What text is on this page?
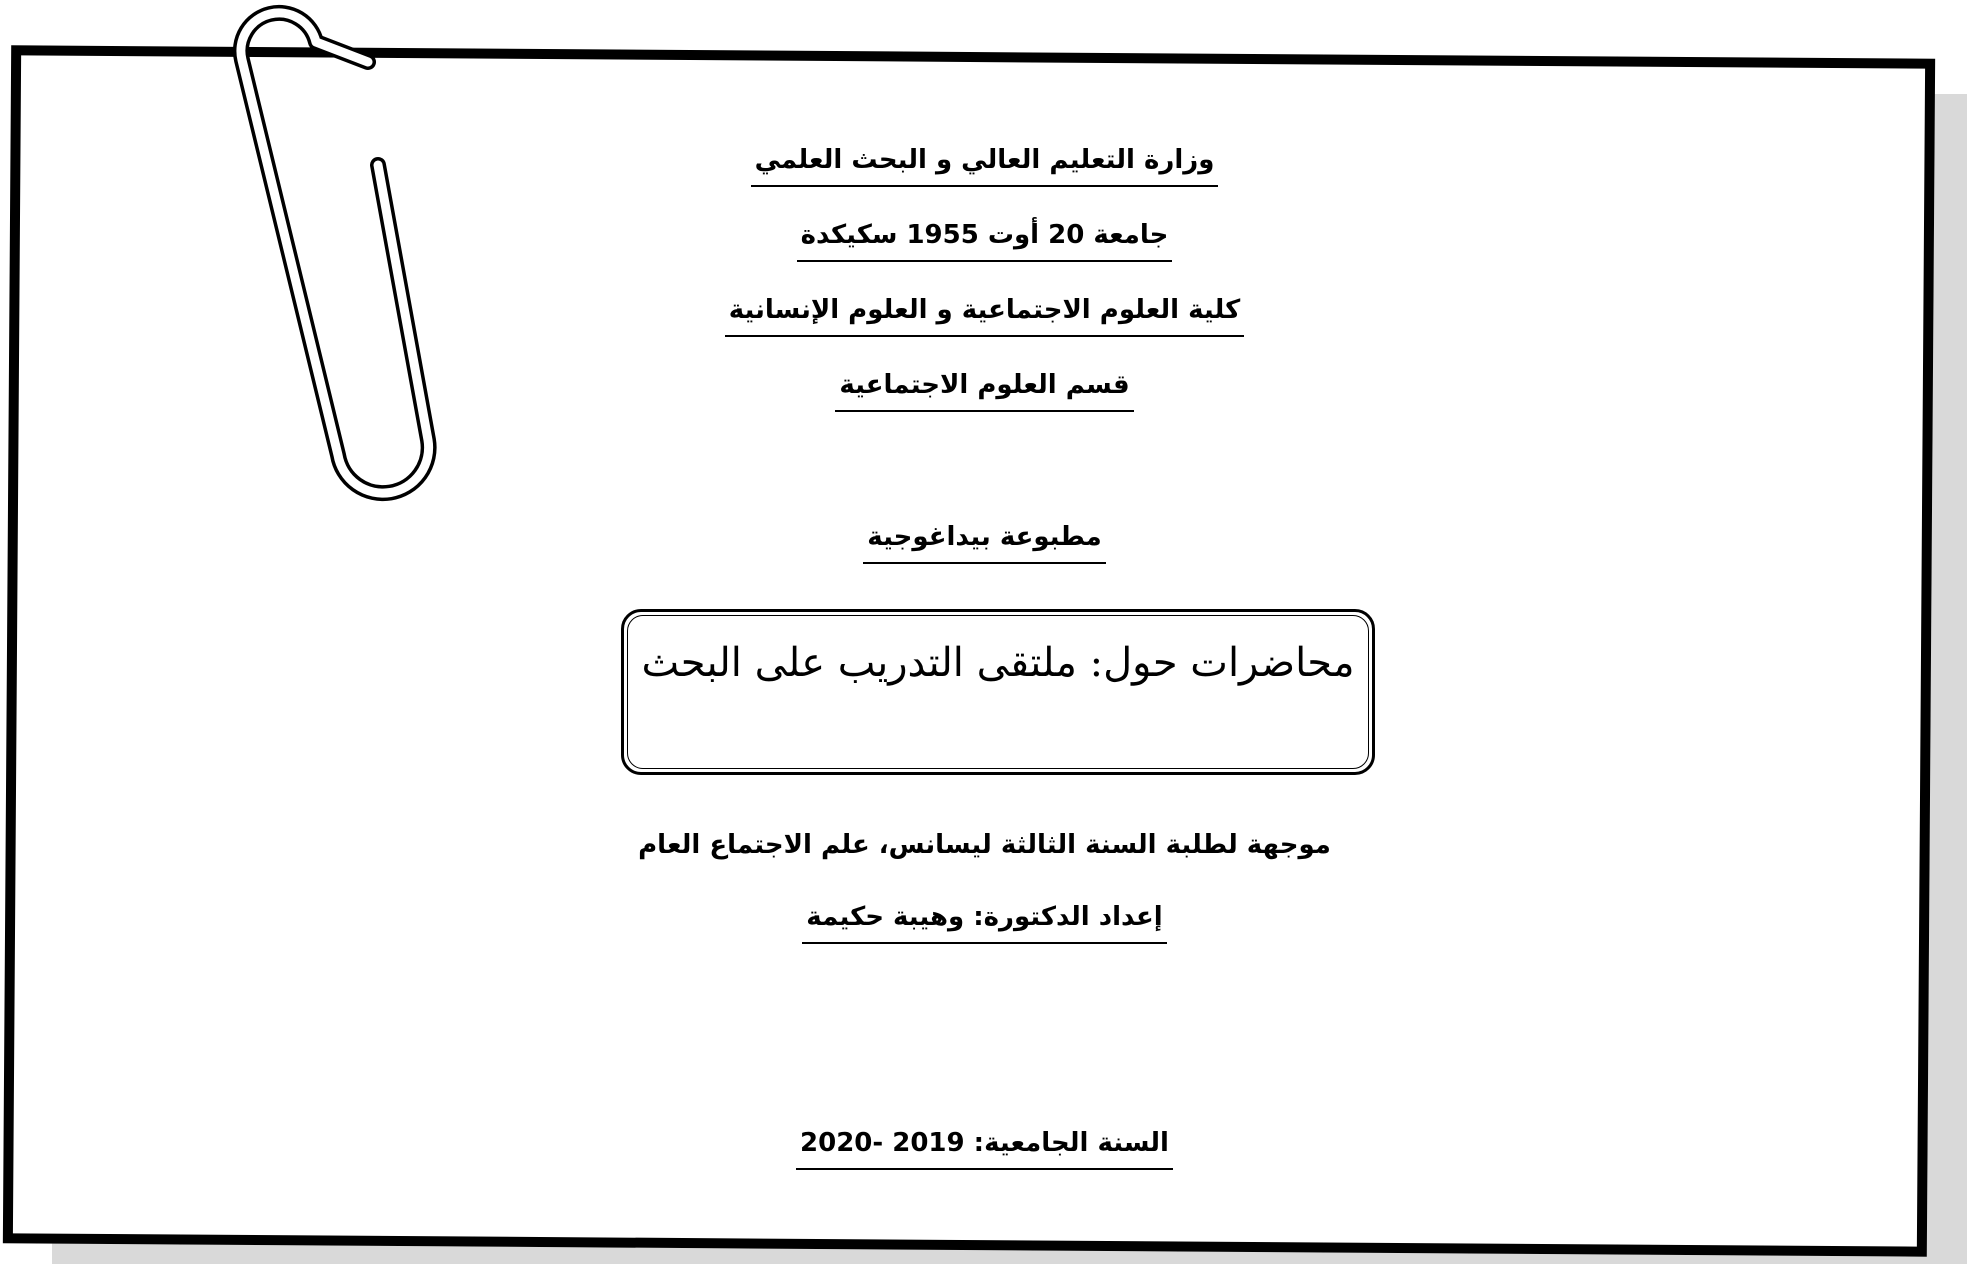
وزارة التعليم العالي و البحث العلمي
جامعة 20 أوت 1955 سكيكدة
كلية العلوم الاجتماعية و العلوم الإنسانية
قسم العلوم الاجتماعية
مطبوعة بيداغوجية
محاضرات حول: ملتقى التدريب على البحث
موجهة لطلبة السنة الثالثة ليسانس، علم الاجتماع العام
إعداد الدكتورة: وهيبة حكيمة
السنة الجامعية: 2019 -2020
